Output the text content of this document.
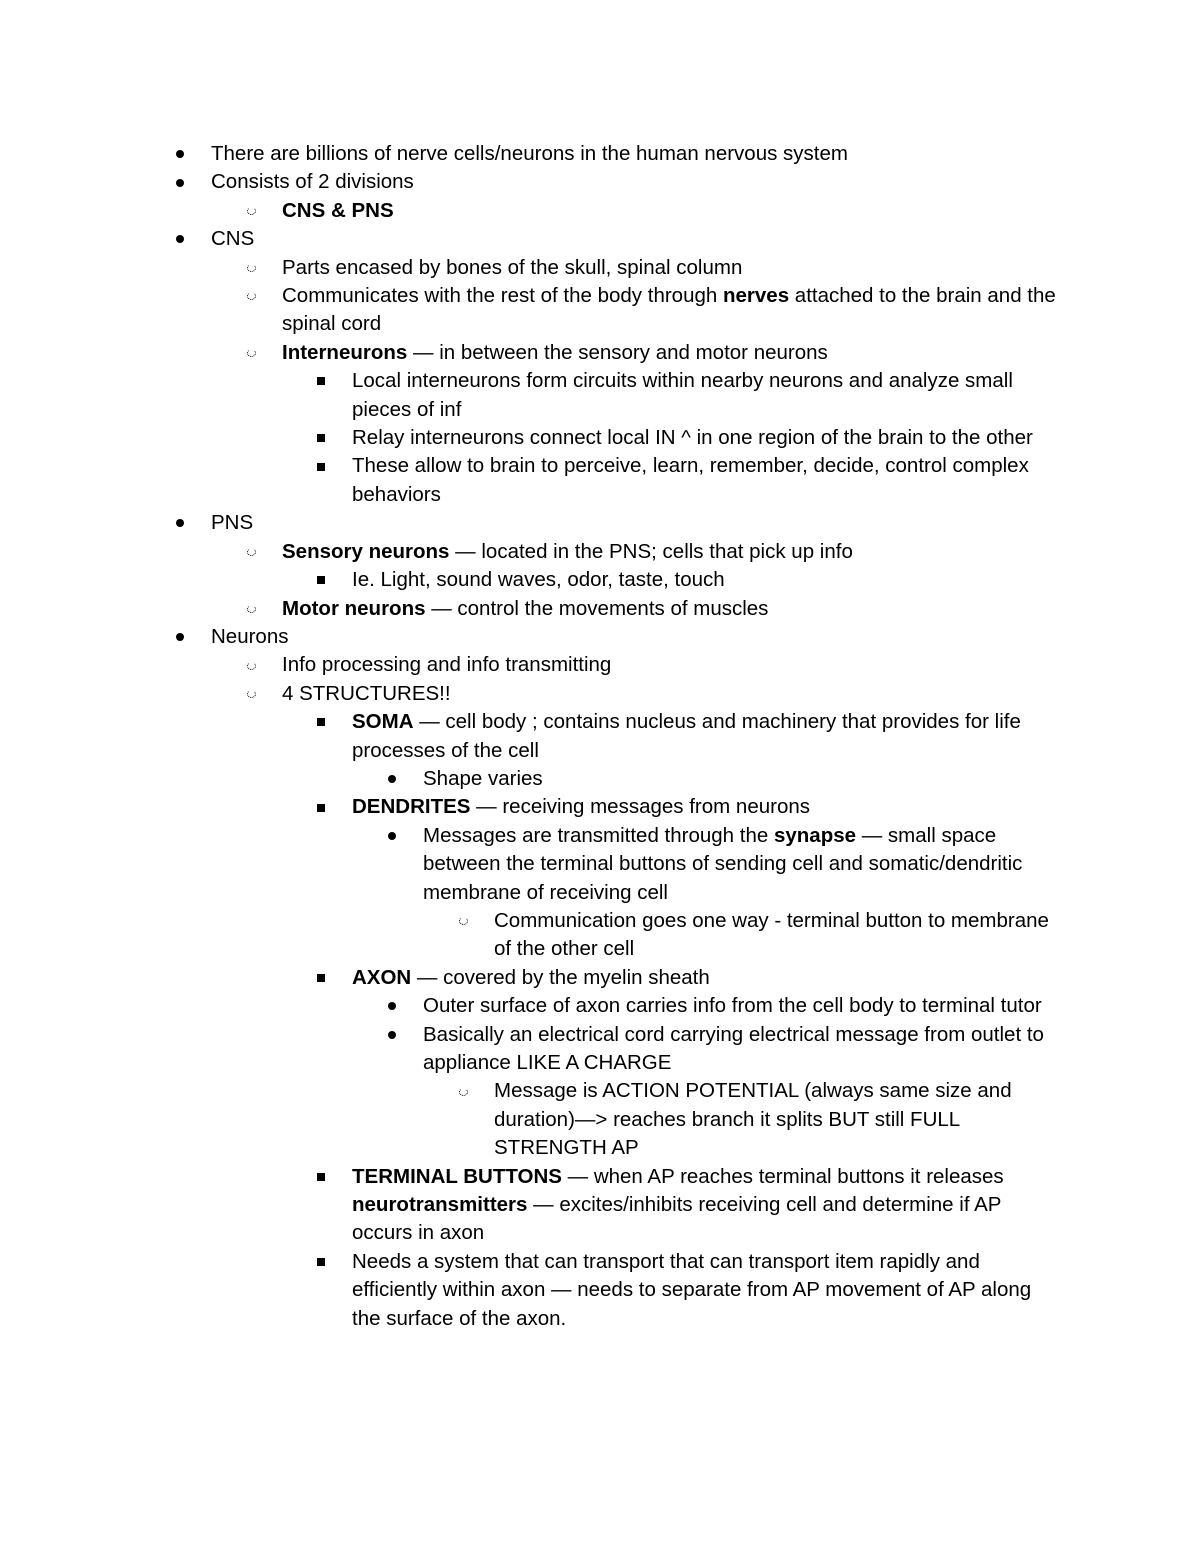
There are billions of nerve cells/neurons in the human nervous system
Consists of 2 divisions
CNS & PNS
CNS
Parts encased by bones of the skull, spinal column
Communicates with the rest of the body through nerves attached to the brain and the spinal cord
Interneurons — in between the sensory and motor neurons
Local interneurons form circuits within nearby neurons and analyze small pieces of inf
Relay interneurons connect local IN ^ in one region of the brain to the other
These allow to brain to perceive, learn, remember, decide, control complex behaviors
PNS
Sensory neurons — located in the PNS; cells that pick up info
Ie. Light, sound waves, odor, taste, touch
Motor neurons — control the movements of muscles
Neurons
Info processing and info transmitting
4 STRUCTURES!!
SOMA — cell body ; contains nucleus and machinery that provides for life processes of the cell
Shape varies
DENDRITES — receiving messages from neurons
Messages are transmitted through the synapse — small space between the terminal buttons of sending cell and somatic/dendritic membrane of receiving cell
Communication goes one way - terminal button to membrane of the other cell
AXON — covered by the myelin sheath
Outer surface of axon carries info from the cell body to terminal tutor
Basically an electrical cord carrying electrical message from outlet to appliance LIKE A CHARGE
Message is ACTION POTENTIAL (always same size and duration)—> reaches branch it splits BUT still FULL STRENGTH AP
TERMINAL BUTTONS — when AP reaches terminal buttons it releases neurotransmitters — excites/inhibits receiving cell and determine if AP occurs in axon
Needs a system that can transport that can transport item rapidly and efficiently within axon — needs to separate from AP movement of AP along the surface of the axon.
